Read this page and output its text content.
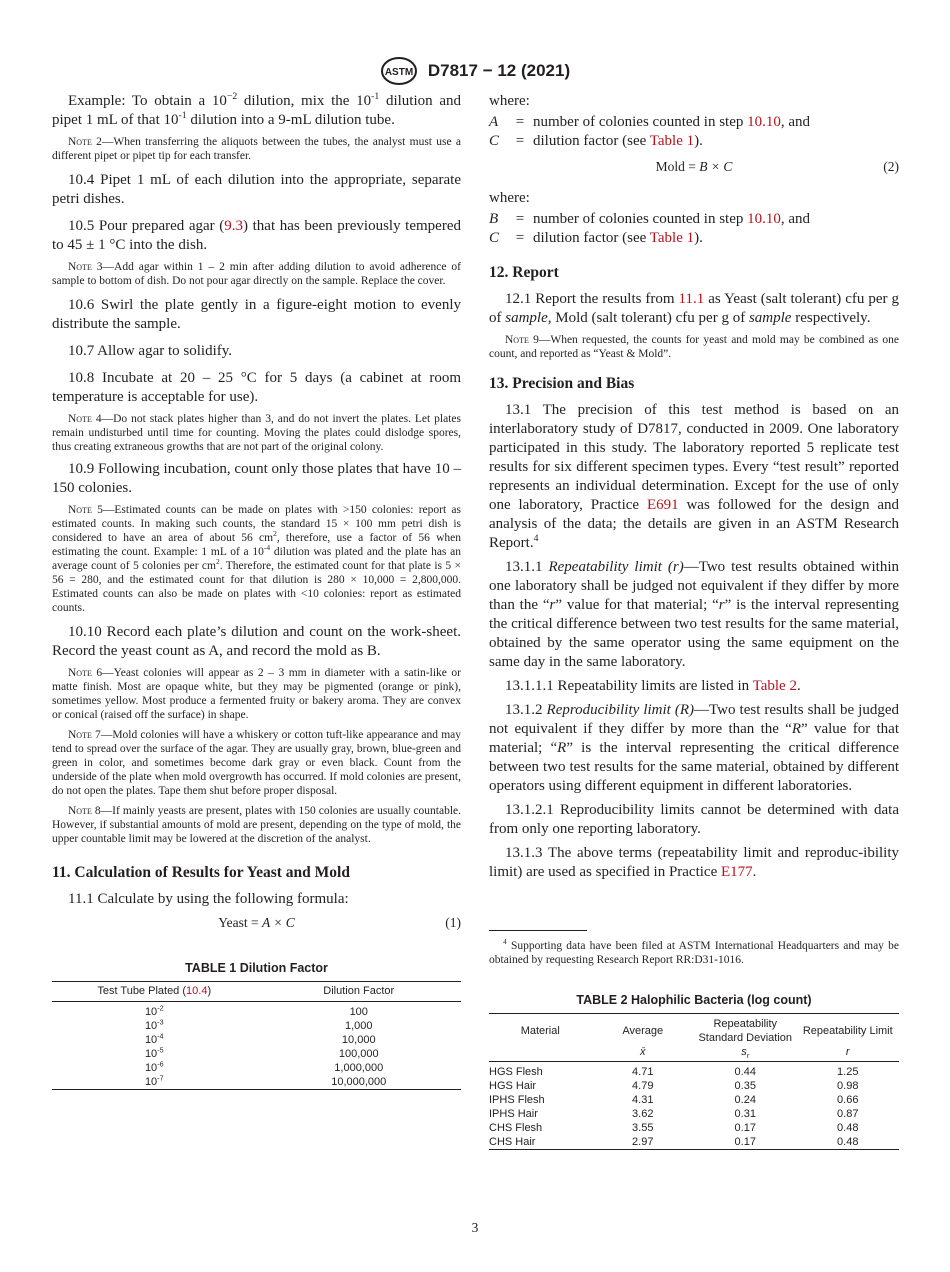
ASTM D7817 − 12 (2021)

Example: To obtain a $10^{-2}$ dilution, mix the $10^{-1}$ dilution and pipet 1 mL of that $10^{-1}$ dilution into a 9-mL dilution tube.

Note 2—When transferring the aliquots between the tubes, the analyst must use a different pipet or pipet tip for each transfer.

10.4 Pipet 1 mL of each dilution into the appropriate, separate petri dishes.

10.5 Pour prepared agar (9.3) that has been previously tempered to 45 ± 1 °C into the dish.

Note 3—Add agar within 1 – 2 min after adding dilution to avoid adherence of sample to bottom of dish. Do not pour agar directly on the sample. Replace the cover.

10.6 Swirl the plate gently in a figure-eight motion to evenly distribute the sample.

10.7 Allow agar to solidify.

10.8 Incubate at 20 – 25 °C for 5 days (a cabinet at room temperature is acceptable for use).

Note 4—Do not stack plates higher than 3, and do not invert the plates. Let plates remain undisturbed until time for counting. Moving the plates could dislodge spores, thus creating extraneous growths that are not part of the original colony.

10.9 Following incubation, count only those plates that have 10 – 150 colonies.

Note 5—Estimated counts can be made on plates with >150 colonies: report as estimated counts. In making such counts, the standard 15 × 100 mm petri dish is considered to have an area of about 56 $cm^2$, therefore, use a factor of 56 when estimating the count. Example: 1 mL of a $10^{-4}$ dilution was plated and the plate has an average count of 5 colonies per $cm^2$. Therefore, the estimated count for that plate is 5 × 56 = 280, and the estimated count for that dilution is 280 × 10,000 = 2,800,000. Estimated counts can also be made on plates with <10 colonies: report as estimated counts.

10.10 Record each plate’s dilution and count on the work-sheet. Record the yeast count as A, and record the mold as B.

Note 6—Yeast colonies will appear as 2 – 3 mm in diameter with a satin-like or matte finish. Most are opaque white, but they may be pigmented (orange or pink), sometimes yellow. Most produce a fermented fruity or bakery aroma. They are convex or conical (raised off the surface) in shape.

Note 7—Mold colonies will have a whiskery or cotton tuft-like appearance and may tend to spread over the surface of the agar. They are usually gray, brown, blue-green and green in color, and sometimes become dark gray or even black. Count from the underside of the plate when mold overgrowth has occurred. If mold colonies are present, do not open the plates. Tape them shut before proper disposal.

Note 8—If mainly yeasts are present, plates with 150 colonies are usually countable. However, if substantial amounts of mold are present, depending on the type of mold, the upper countable limit may be lowered at the discretion of the analyst.

11. Calculation of Results for Yeast and Mold

11.1 Calculate by using the following formula:

Yeast = A × C	(1)

TABLE 1 Dilution Factor

Test Tube Plated (10.4)	Dilution Factor
$10^{-2}$	100
$10^{-3}$	1,000
$10^{-4}$	10,000
$10^{-5}$	100,000
$10^{-6}$	1,000,000
$10^{-7}$	10,000,000

where:

A	= number of colonies counted in step 10.10, and
C	= dilution factor (see Table 1).
Mold = B × C	(2)

where:

B	= number of colonies counted in step 10.10, and
C	= dilution factor (see Table 1).

12. Report

12.1 Report the results from 11.1 as Yeast (salt tolerant) cfu per g of sample, Mold (salt tolerant) cfu per g of sample respectively.

Note 9—When requested, the counts for yeast and mold may be combined as one count, and reported as “Yeast & Mold”.

13. Precision and Bias

13.1 The precision of this test method is based on an interlaboratory study of D7817, conducted in 2009. One laboratory participated in this study. The laboratory reported 5 replicate test results for six different specimen types. Every “test result” reported represents an individual determination. Except for the use of only one laboratory, Practice E691 was followed for the design and analysis of the data; the details are given in an ASTM Research Report.$^4$

13.1.1 Repeatability limit (r)—Two test results obtained within one laboratory shall be judged not equivalent if they differ by more than the “r” value for that material; “r” is the interval representing the critical difference between two test results for the same material, obtained by the same operator using the same equipment on the same day in the same laboratory.

13.1.1.1 Repeatability limits are listed in Table 2.

13.1.2 Reproducibility limit (R)—Two test results shall be judged not equivalent if they differ by more than the “R” value for that material; “R” is the interval representing the critical difference between two test results for the same material, obtained by different operators using different equipment in different laboratories.

13.1.2.1 Reproducibility limits cannot be determined with data from only one reporting laboratory.

13.1.3 The above terms (repeatability limit and reproduc-ibility limit) are used as specified in Practice E177.

$^4$ Supporting data have been filed at ASTM International Headquarters and may be obtained by requesting Research Report RR:D31-1016.

TABLE 2 Halophilic Bacteria (log count)

Material	Average	Repeatability Standard Deviation	Repeatability Limit
	x̄	$s_r$	r
HGS Flesh	4.71	0.44	1.25
HGS Hair	4.79	0.35	0.98
IPHS Flesh	4.31	0.24	0.66
IPHS Hair	3.62	0.31	0.87
CHS Flesh	3.55	0.17	0.48
CHS Hair	2.97	0.17	0.48
3
